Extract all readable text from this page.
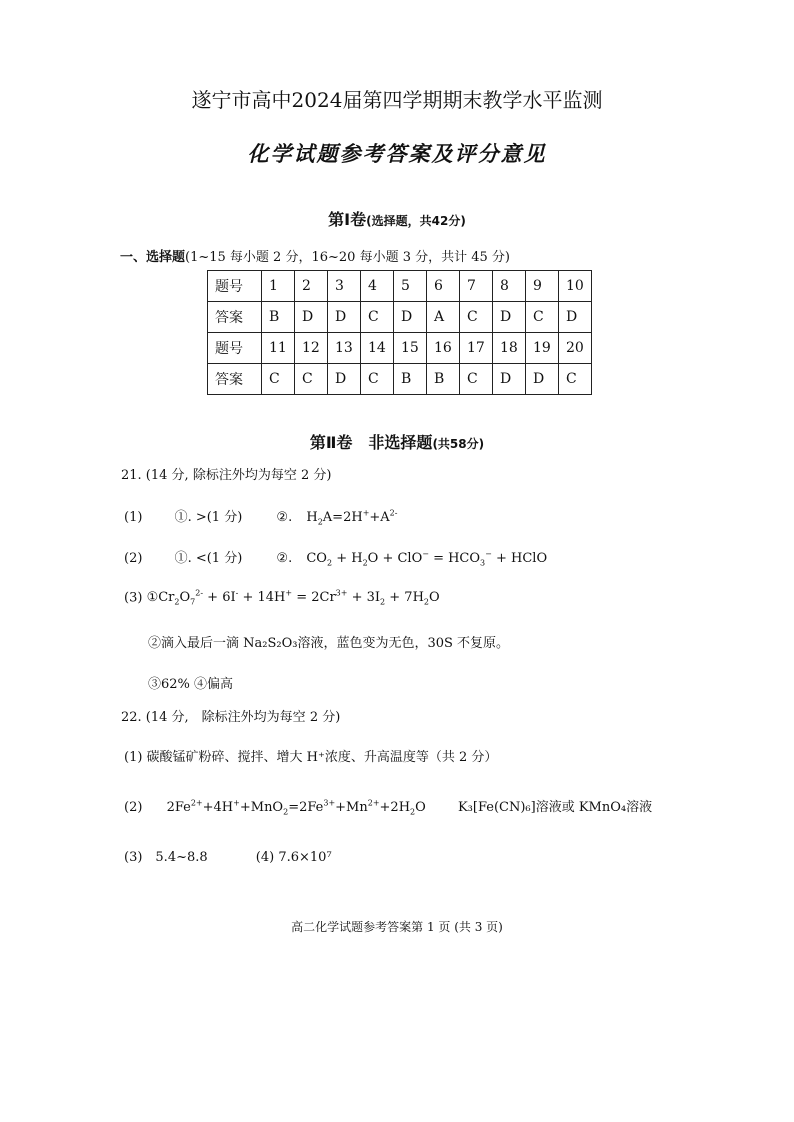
遂宁市高中2024届第四学期期末教学水平监测
化学试题参考答案及评分意见
第Ⅰ卷(选择题，共42分)
一、选择题(1~15 每小题 2 分，16~20 每小题 3 分，共计 45 分)
题号	1	2	3	4	5	6	7	8	9	10
答案	B	D	D	C	D	A	C	D	C	D
题号	11	12	13	14	15	16	17	18	19	20
答案	C	C	D	C	B	B	C	D	D	C
第Ⅱ卷　非选择题(共58分)
21. (14 分, 除标注外均为每空 2 分)
(1) ①. >(1 分)	②. $H_2A=2H^++A^{2-}$
(2) ①. <(1 分)	②. $CO_2 + H_2O + ClO^- = HCO_3^-$ + HClO
(3) $①Cr_2O_7^{2-} + 6I^- + 14H^+ = 2Cr^{3+} + 3I_2 + 7H_2O$
②滴入最后一滴 Na₂S₂O₃溶液，蓝色变为无色，30S 不复原。
③62% ④偏高
22. (14 分,　除标注外均为每空 2 分)
(1) 碳酸锰矿粉碎、搅拌、增大 H⁺浓度、升高温度等（共 2 分）
(2) $2Fe^{2+}+4H^++MnO_2=2Fe^{3+}+Mn^{2+}+2H_2O$ K₃[Fe(CN)₆]溶液或 KMnO₄溶液
(3)　5.4~8.8	(4) 7.6×10⁷
高二化学试题参考答案第 1 页 (共 3 页)
